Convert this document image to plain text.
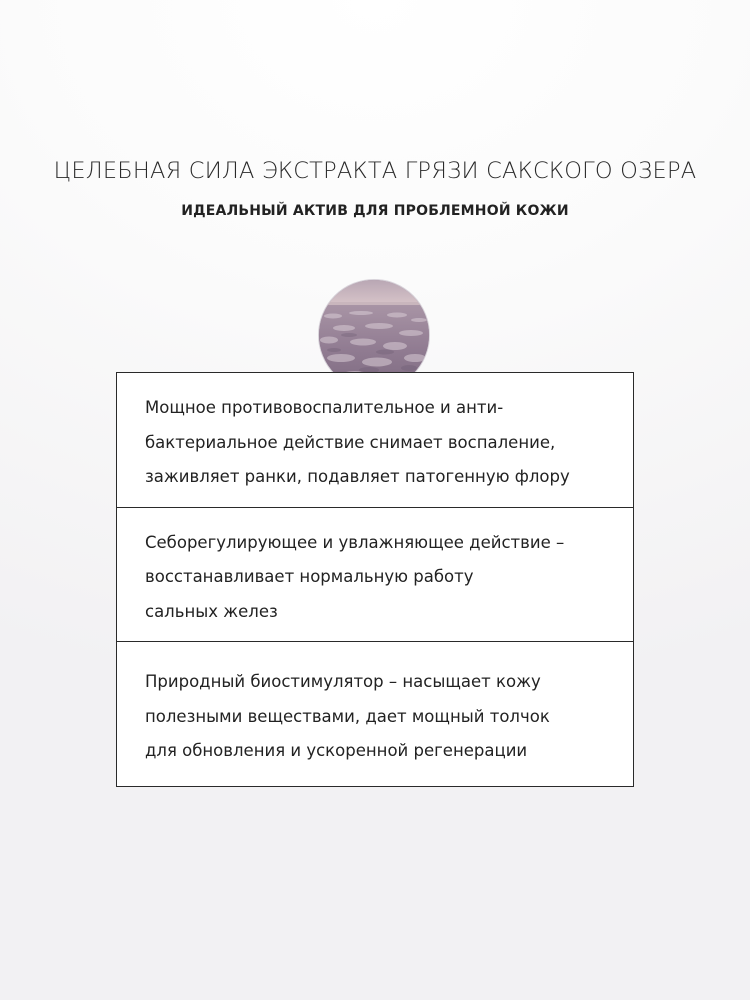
ЦЕЛЕБНАЯ СИЛА ЭКСТРАКТА ГРЯЗИ САКСКОГО ОЗЕРА
ИДЕАЛЬНЫЙ АКТИВ ДЛЯ ПРОБЛЕМНОЙ КОЖИ
Мощное противовоспалительное и анти-
бактериальное действие снимает воспаление,
заживляет ранки, подавляет патогенную флору
Себорегулирующее и увлажняющее действие –
восстанавливает нормальную работу
сальных желез
Природный биостимулятор – насыщает кожу
полезными веществами, дает мощный толчок
для обновления и ускоренной регенерации
